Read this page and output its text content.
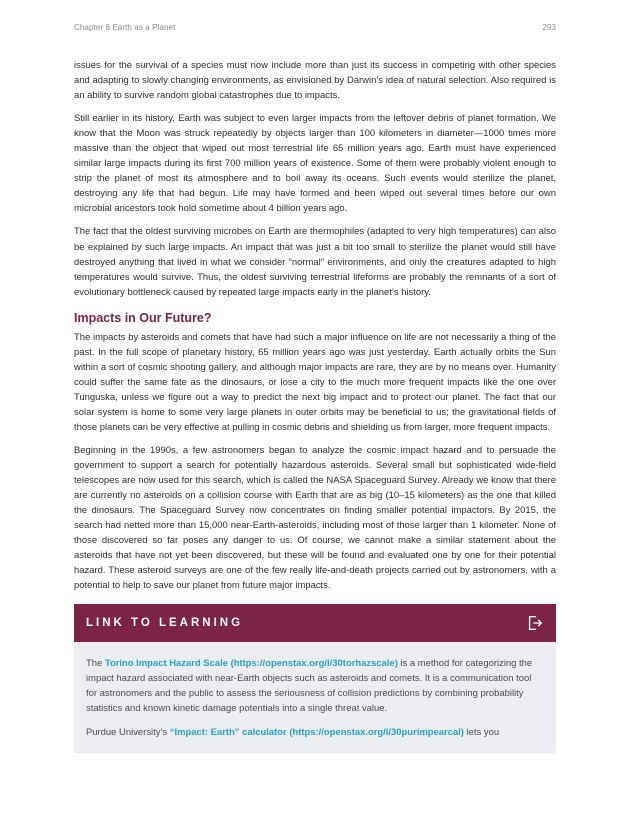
Chapter 8 Earth as a Planet	293

issues for the survival of a species must now include more than just its success in competing with other species and adapting to slowly changing environments, as envisioned by Darwin’s idea of natural selection. Also required is an ability to survive random global catastrophes due to impacts.

Still earlier in its history, Earth was subject to even larger impacts from the leftover debris of planet formation. We know that the Moon was struck repeatedly by objects larger than 100 kilometers in diameter—1000 times more massive than the object that wiped out most terrestrial life 65 million years ago. Earth must have experienced similar large impacts during its first 700 million years of existence. Some of them were probably violent enough to strip the planet of most its atmosphere and to boil away its oceans. Such events would sterilize the planet, destroying any life that had begun. Life may have formed and been wiped out several times before our own microbial ancestors took hold sometime about 4 billion years ago.

The fact that the oldest surviving microbes on Earth are thermophiles (adapted to very high temperatures) can also be explained by such large impacts. An impact that was just a bit too small to sterilize the planet would still have destroyed anything that lived in what we consider “normal” environments, and only the creatures adapted to high temperatures would survive. Thus, the oldest surviving terrestrial lifeforms are probably the remnants of a sort of evolutionary bottleneck caused by repeated large impacts early in the planet’s history.

Impacts in Our Future?

The impacts by asteroids and comets that have had such a major influence on life are not necessarily a thing of the past. In the full scope of planetary history, 65 million years ago was just yesterday. Earth actually orbits the Sun within a sort of cosmic shooting gallery, and although major impacts are rare, they are by no means over. Humanity could suffer the same fate as the dinosaurs, or lose a city to the much more frequent impacts like the one over Tunguska, unless we figure out a way to predict the next big impact and to protect our planet. The fact that our solar system is home to some very large planets in outer orbits may be beneficial to us; the gravitational fields of those planets can be very effective at pulling in cosmic debris and shielding us from larger, more frequent impacts.

Beginning in the 1990s, a few astronomers began to analyze the cosmic impact hazard and to persuade the government to support a search for potentially hazardous asteroids. Several small but sophisticated wide-field telescopes are now used for this search, which is called the NASA Spaceguard Survey. Already we know that there are currently no asteroids on a collision course with Earth that are as big (10–15 kilometers) as the one that killed the dinosaurs. The Spaceguard Survey now concentrates on finding smaller potential impactors. By 2015, the search had netted more than 15,000 near-Earth-asteroids, including most of those larger than 1 kilometer. None of those discovered so far poses any danger to us. Of course, we cannot make a similar statement about the asteroids that have not yet been discovered, but these will be found and evaluated one by one for their potential hazard. These asteroid surveys are one of the few really life-and-death projects carried out by astronomers, with a potential to help to save our planet from future major impacts.

LINK TO LEARNING

The Torino Impact Hazard Scale (https://openstax.org/l/30torhazscale) is a method for categorizing the impact hazard associated with near-Earth objects such as asteroids and comets. It is a communication tool for astronomers and the public to assess the seriousness of collision predictions by combining probability statistics and known kinetic damage potentials into a single threat value.

Purdue University’s “Impact: Earth” calculator (https://openstax.org/l/30purimpearcal) lets you
